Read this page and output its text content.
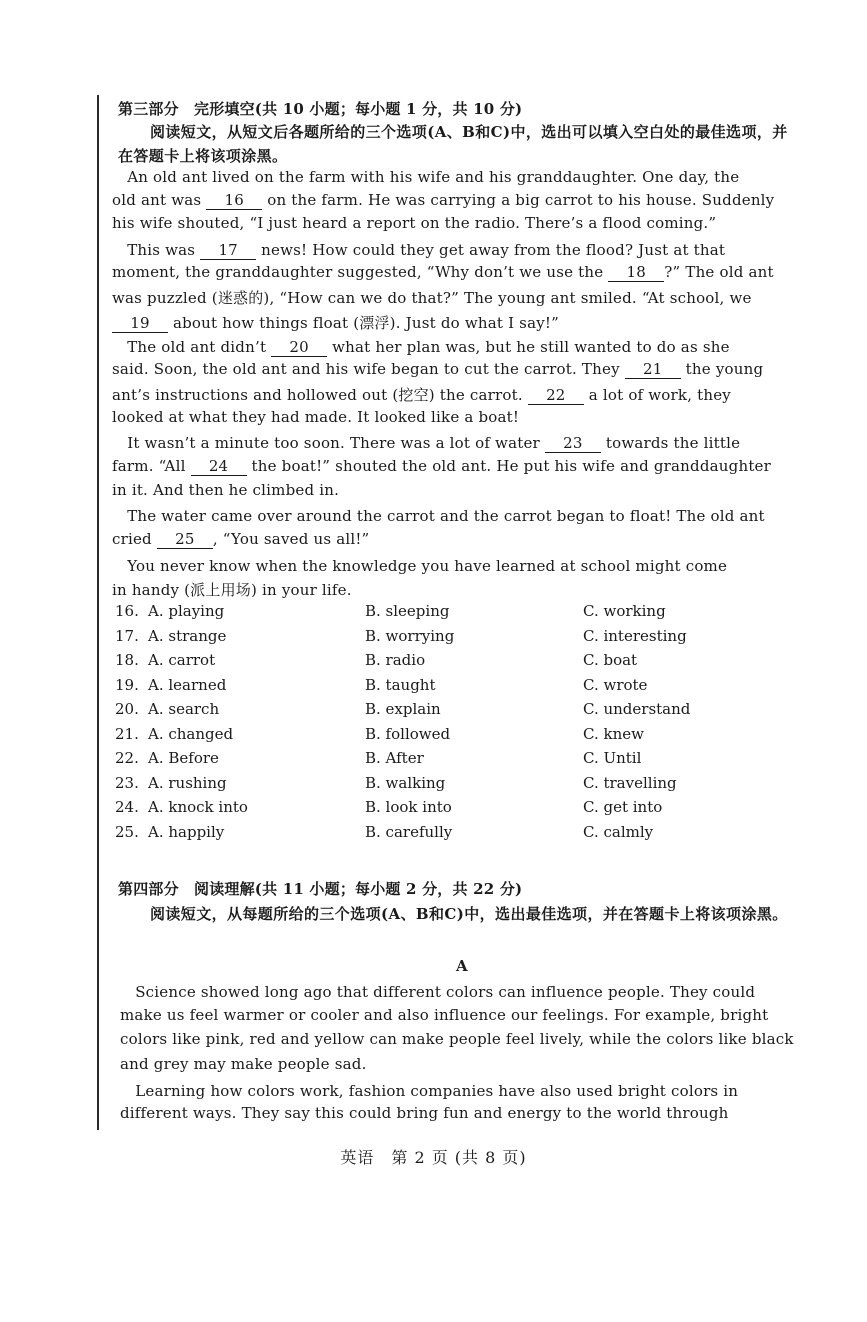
第三部分　完形填空(共 10 小题；每小题 1 分，共 10 分)
阅读短文，从短文后各题所给的三个选项(A、B和C)中，选出可以填入空白处的最佳选项，并在答题卡上将该项涂黑。
　An old ant lived on the farm with his wife and his granddaughter. One day, the
old ant was 16 on the farm. He was carrying a big carrot to his house. Suddenly
his wife shouted, “I just heard a report on the radio. There’s a flood coming.”
　This was 17 news! How could they get away from the flood? Just at that
moment, the granddaughter suggested, “Why don’t we use the 18 ?” The old ant
was puzzled (迷惑的), “How can we do that?” The young ant smiled. “At school, we
19 about how things float (漂浮). Just do what I say!”
　The old ant didn’t 20 what her plan was, but he still wanted to do as she
said. Soon, the old ant and his wife began to cut the carrot. They 21 the young
ant’s instructions and hollowed out (挖空) the carrot. 22 a lot of work, they
looked at what they had made. It looked like a boat!
　It wasn’t a minute too soon. There was a lot of water 23 towards the little
farm. “All 24 the boat!” shouted the old ant. He put his wife and granddaughter
in it. And then he climbed in.
　The water came over around the carrot and the carrot began to float! The old ant
cried 25 , “You saved us all!”
　You never know when the knowledge you have learned at school might come
in handy (派上用场) in your life.
16. A. playing	B. sleeping	C. working
17. A. strange	B. worrying	C. interesting
18. A. carrot	B. radio	C. boat
19. A. learned	B. taught	C. wrote
20. A. search	B. explain	C. understand
21. A. changed	B. followed	C. knew
22. A. Before	B. After	C. Until
23. A. rushing	B. walking	C. travelling
24. A. knock into	B. look into	C. get into
25. A. happily	B. carefully	C. calmly
第四部分　阅读理解(共 11 小题；每小题 2 分，共 22 分)
阅读短文，从每题所给的三个选项(A、B和C)中，选出最佳选项，并在答题卡上将该项涂黑。
A
　Science showed long ago that different colors can influence people. They could
make us feel warmer or cooler and also influence our feelings. For example, bright
colors like pink, red and yellow can make people feel lively, while the colors like black
and grey may make people sad.
　Learning how colors work, fashion companies have also used bright colors in
different ways. They say this could bring fun and energy to the world through
英语　第 2 页 (共 8 页)
